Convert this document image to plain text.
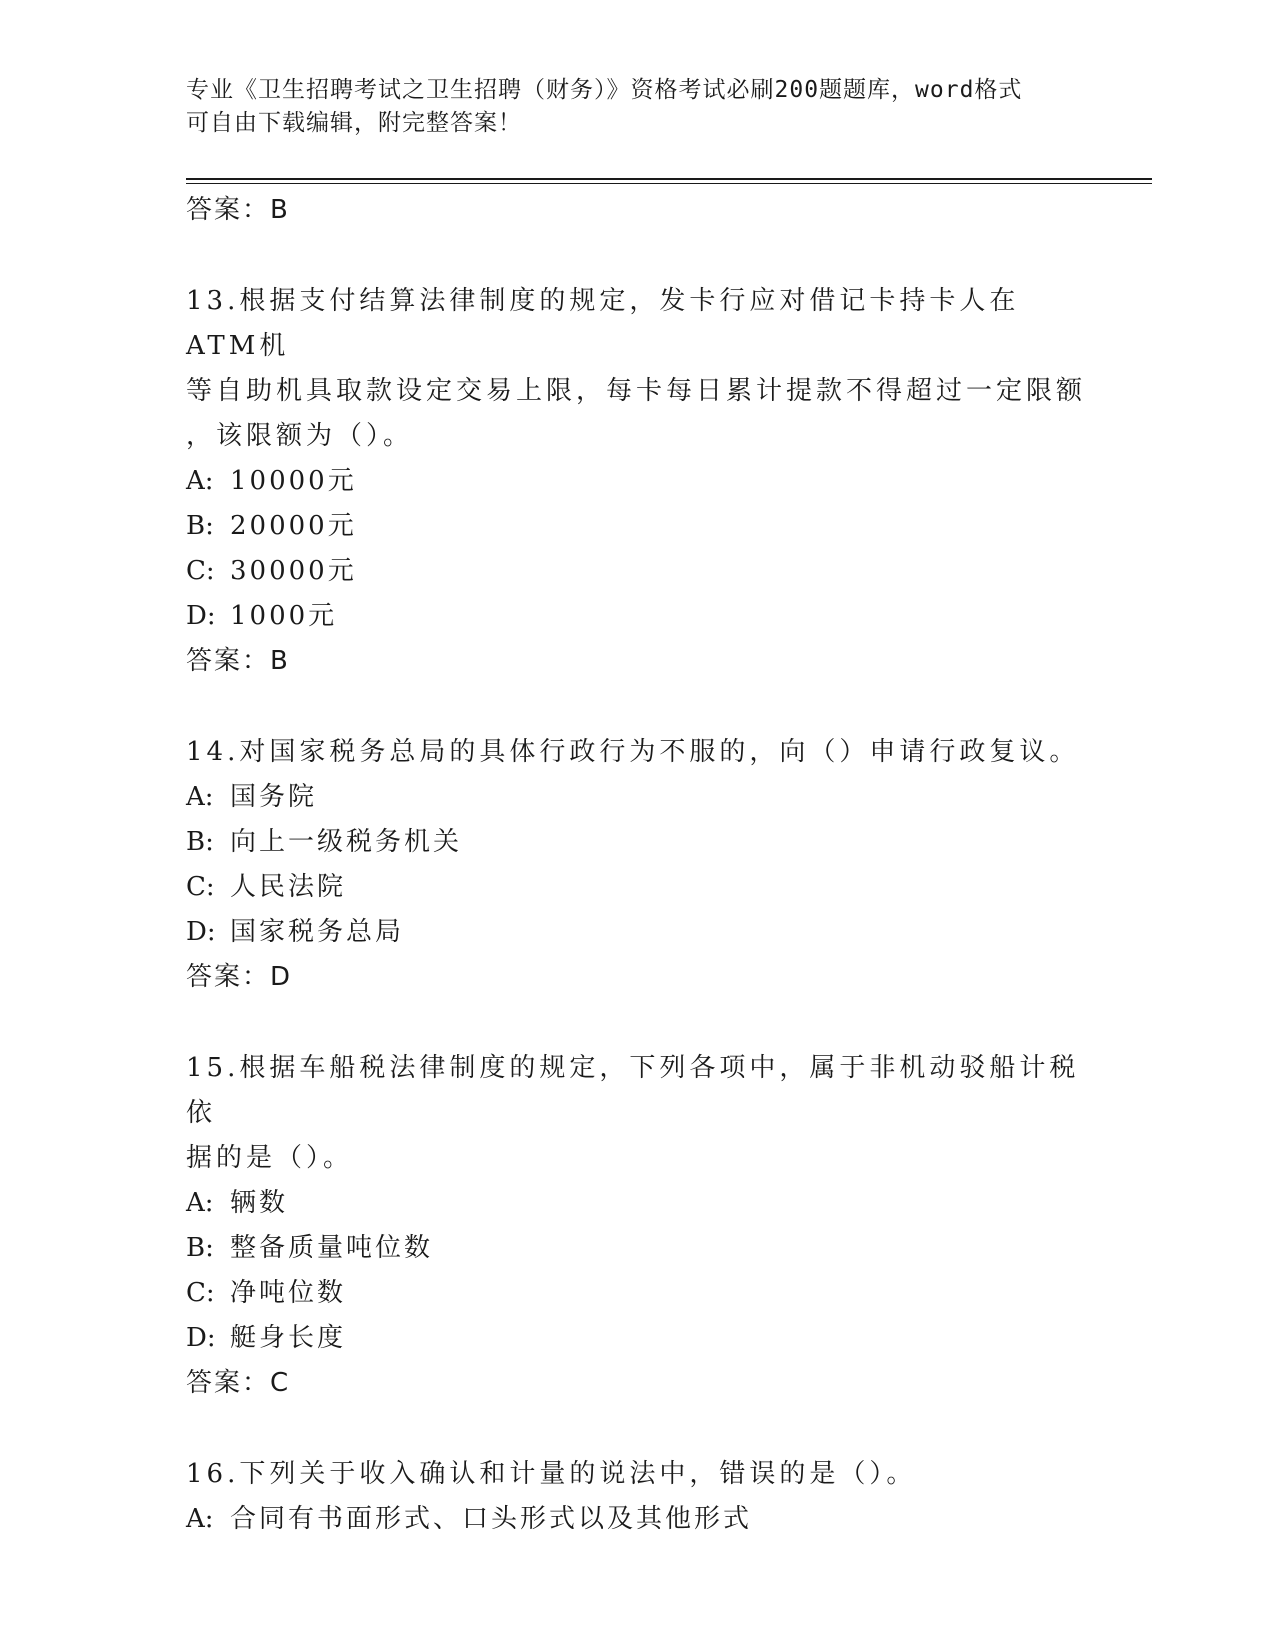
专业《卫生招聘考试之卫生招聘（财务）》资格考试必刷200题题库，word格式
可自由下载编辑，附完整答案！
答案：B
13.根据支付结算法律制度的规定，发卡行应对借记卡持卡人在ATM机
等自助机具取款设定交易上限，每卡每日累计提款不得超过一定限额
，该限额为（）。
A: 10000元
B: 20000元
C: 30000元
D: 1000元
答案：B
14.对国家税务总局的具体行政行为不服的，向（）申请行政复议。
A: 国务院
B: 向上一级税务机关
C: 人民法院
D: 国家税务总局
答案：D
15.根据车船税法律制度的规定，下列各项中，属于非机动驳船计税依
据的是（）。
A: 辆数
B: 整备质量吨位数
C: 净吨位数
D: 艇身长度
答案：C
16.下列关于收入确认和计量的说法中，错误的是（）。
A: 合同有书面形式、口头形式以及其他形式
